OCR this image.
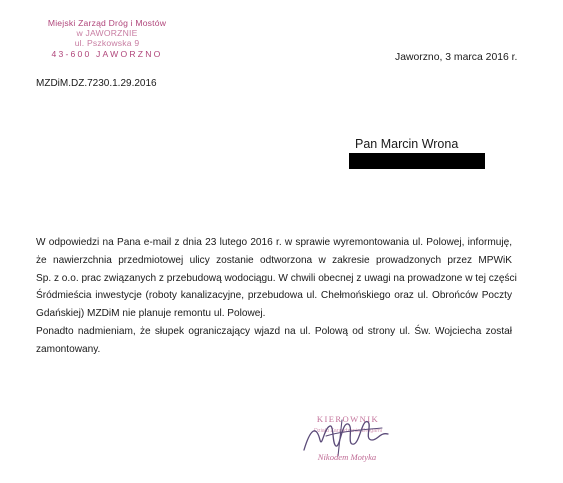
Miejski Zarząd Dróg i Mostów
w JAWORZNIE
ul. Pszkowska 9
43-600 JAWORZNO	Jaworzno, 3 marca 2016 r.
MZDiM.DZ.7230.1.29.2016
Pan Marcin Wrona
W odpowiedzi na Pana e-mail z dnia 23 lutego 2016 r. w sprawie wyremontowania ul. Polowej, informuję,
że nawierzchnia przedmiotowej ulicy zostanie odtworzona w zakresie prowadzonych przez MPWiK
Sp. z o.o. prac związanych z przebudową wodociągu. W chwili obecnej z uwagi na prowadzone w tej części
Śródmieścia inwestycje (roboty kanalizacyjne, przebudowa ul. Chełmońskiego oraz ul. Obrońców Poczty
Gdańskiej) MZDiM nie planuje remontu ul. Polowej.
Ponadto nadmieniam, że słupek ograniczający wjazd na ul. Polową od strony ul. Św. Wojciecha został
zamontowany.
KIEROWNIK
Działu Zarządzania Drogami
Nikodem Motyka
